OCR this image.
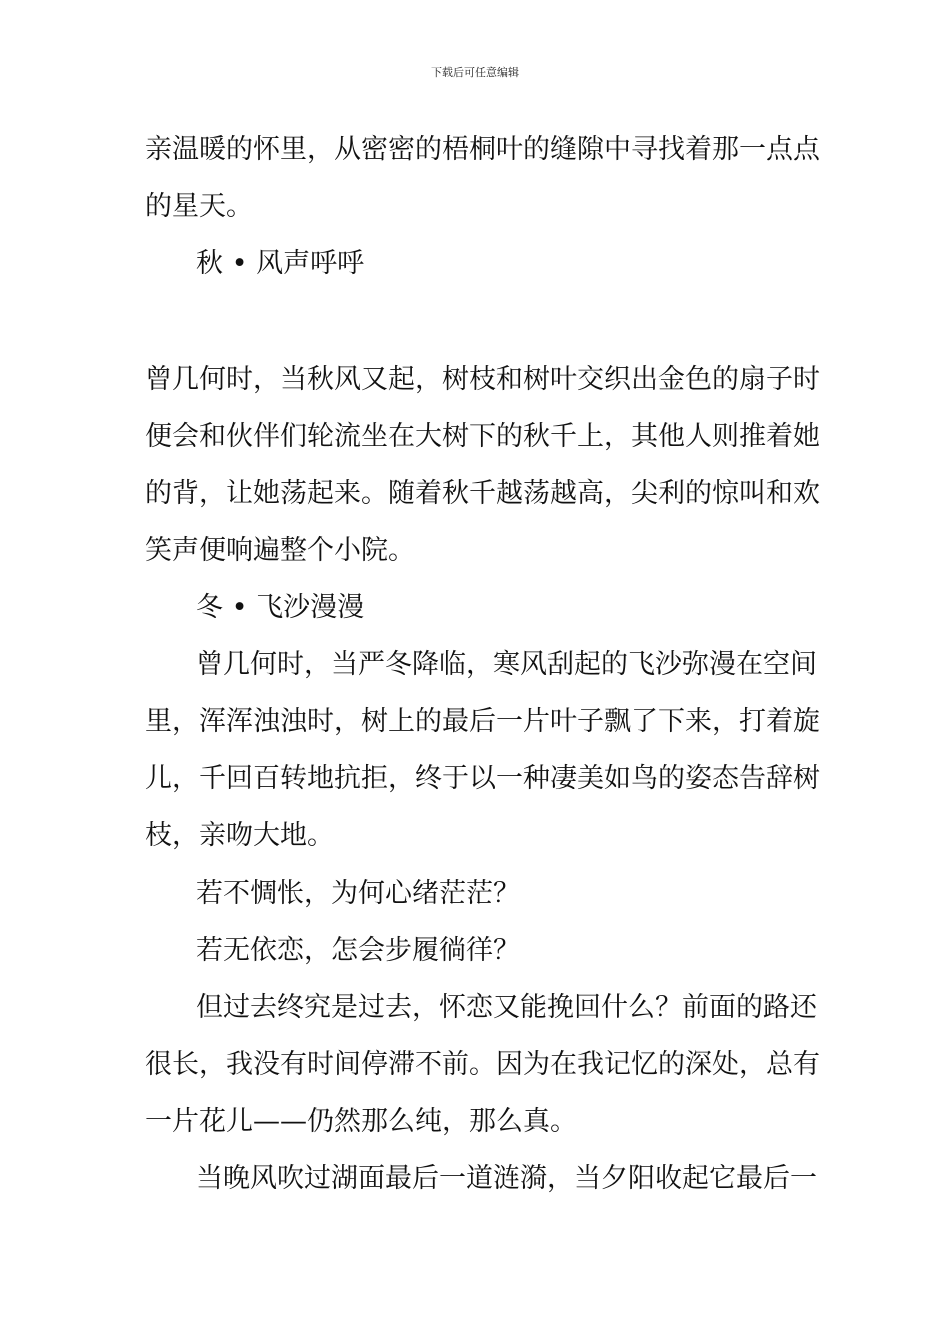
下载后可任意编辑
亲温暖的怀里，从密密的梧桐叶的缝隙中寻找着那一点点
的星天。
秋 • 风声呼呼
曾几何时，当秋风又起，树枝和树叶交织出金色的扇子时
便会和伙伴们轮流坐在大树下的秋千上，其他人则推着她
的背，让她荡起来。随着秋千越荡越高，尖利的惊叫和欢
笑声便响遍整个小院。
冬 • 飞沙漫漫
曾几何时，当严冬降临，寒风刮起的飞沙弥漫在空间
里，浑浑浊浊时，树上的最后一片叶子飘了下来，打着旋
儿，千回百转地抗拒，终于以一种凄美如鸟的姿态告辞树
枝，亲吻大地。
若不惆怅，为何心绪茫茫？
若无依恋，怎会步履徜徉？
但过去终究是过去，怀恋又能挽回什么？前面的路还
很长，我没有时间停滞不前。因为在我记忆的深处，总有
一片花儿——仍然那么纯，那么真。
当晚风吹过湖面最后一道涟漪，当夕阳收起它最后一
